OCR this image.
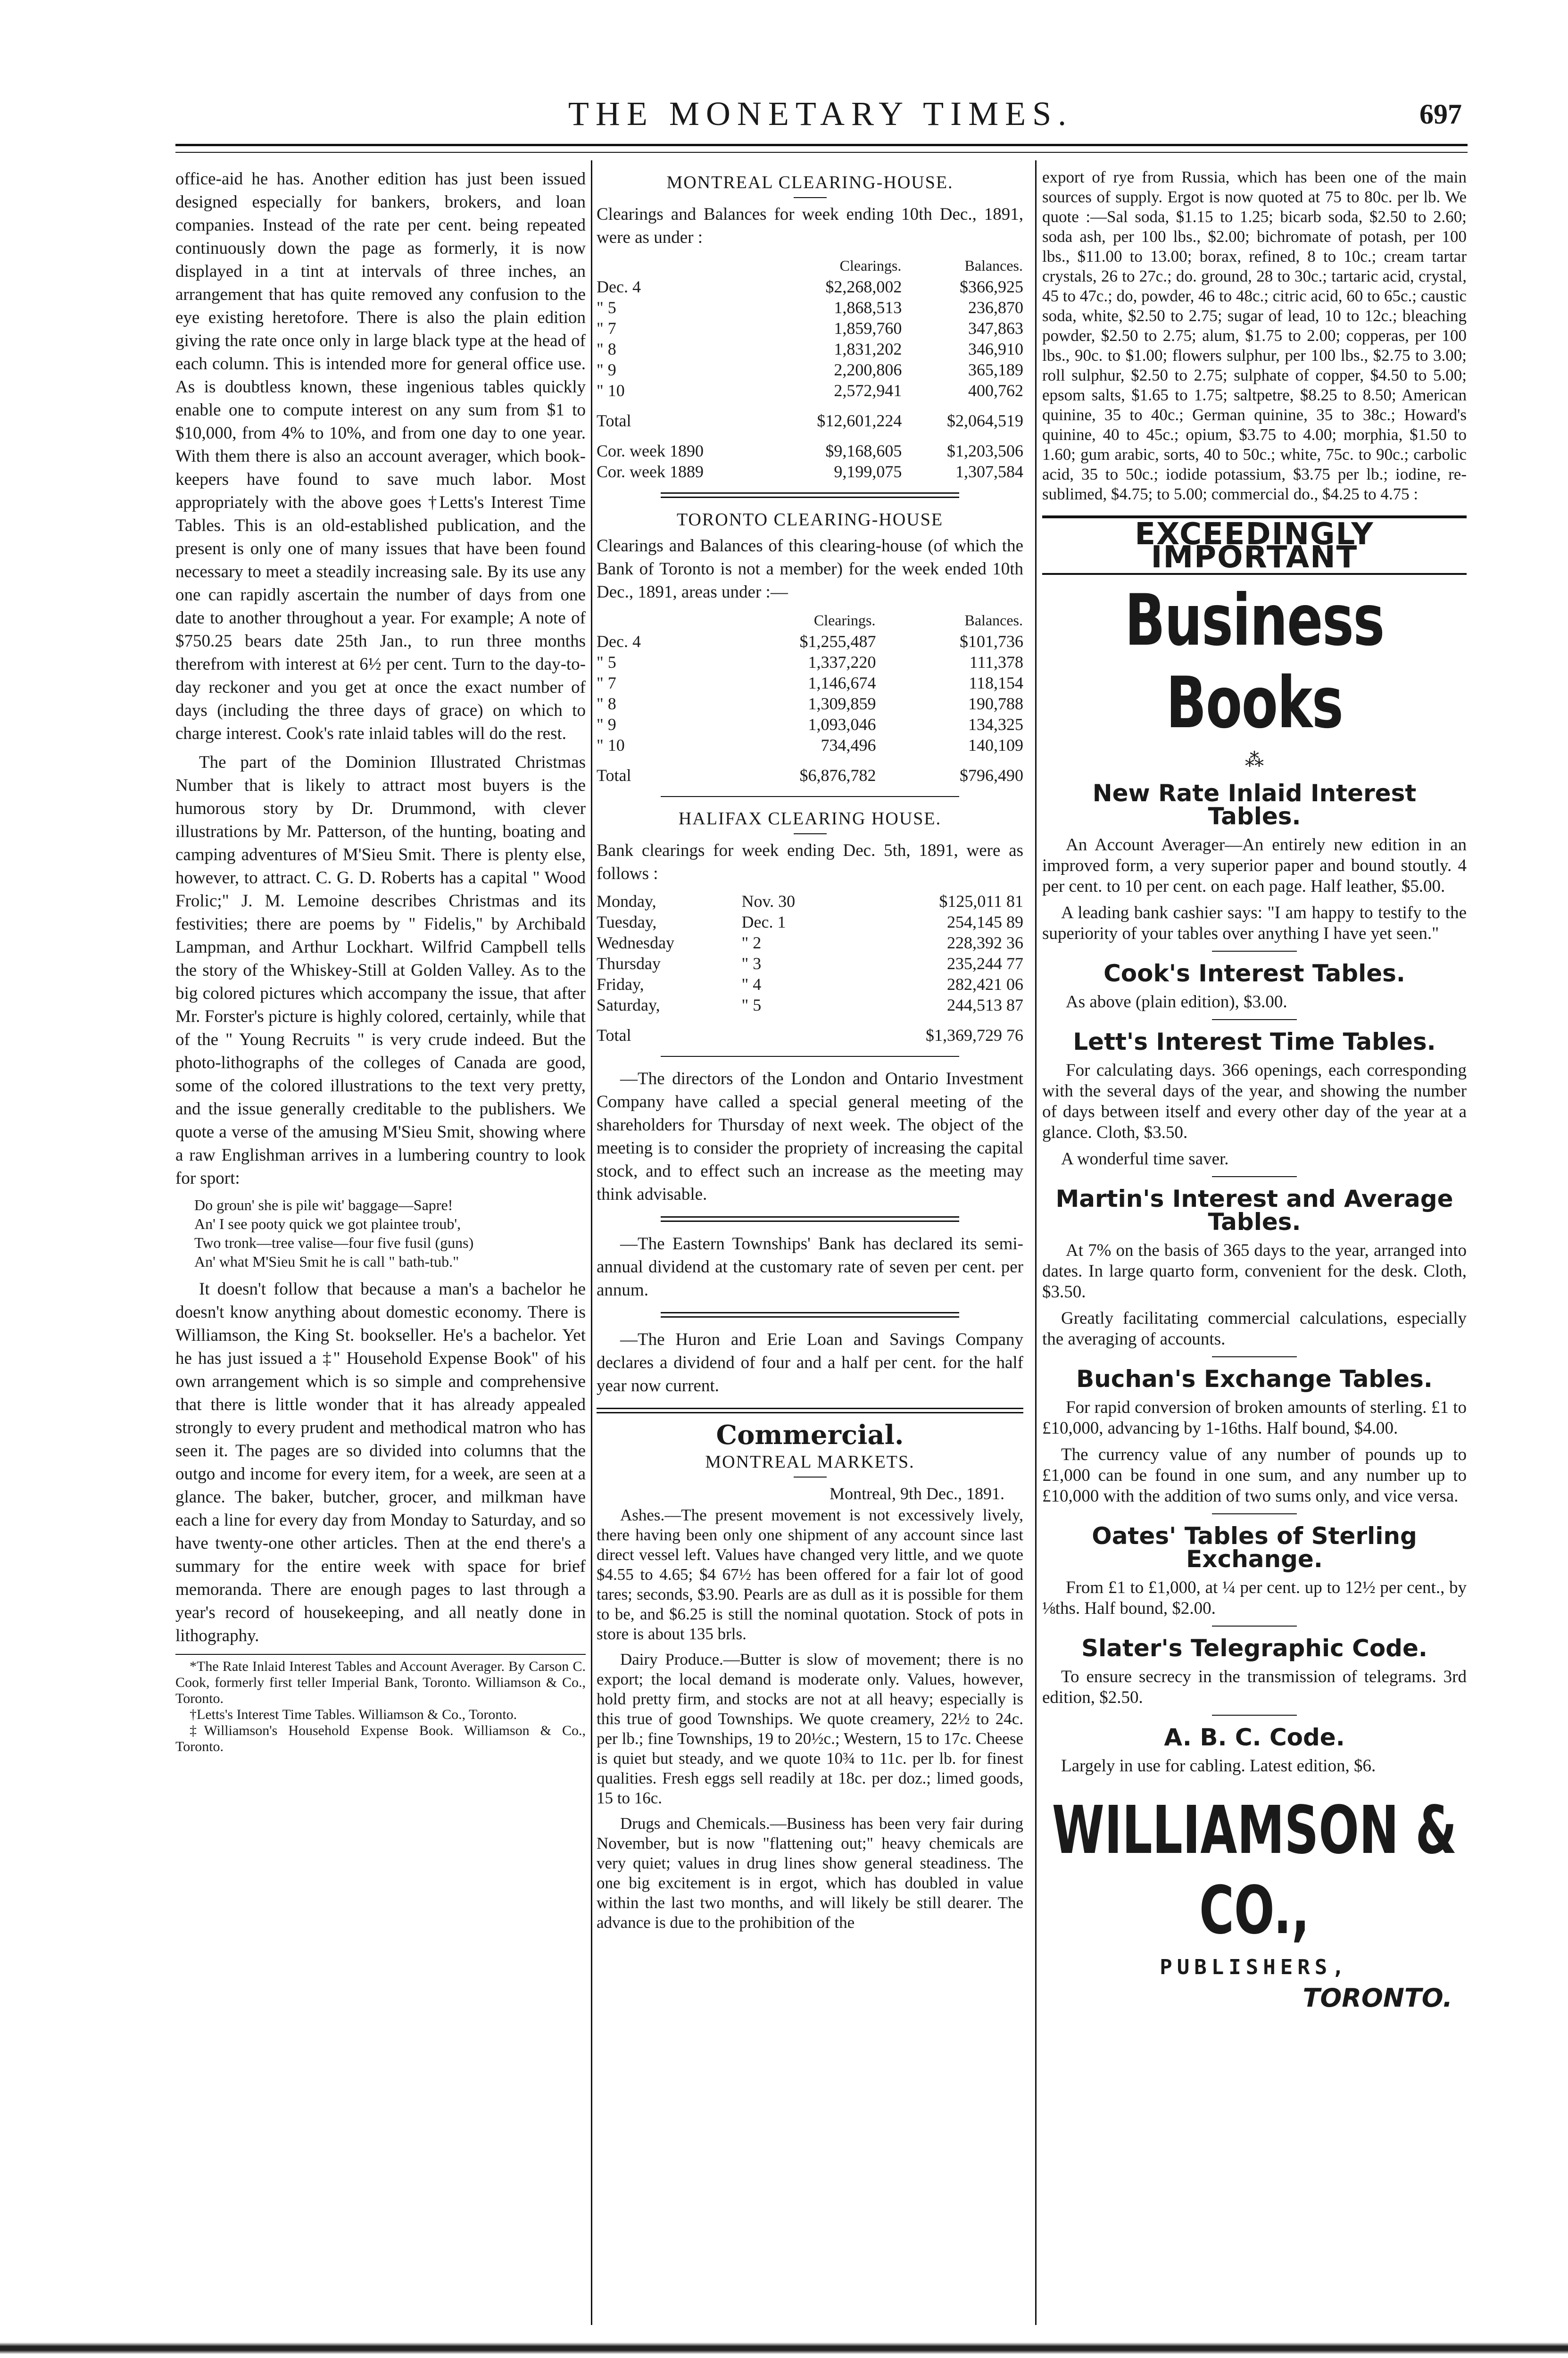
THE MONETARY TIMES.	697

office-aid he has. Another edition has just been issued designed especially for bankers, brokers, and loan companies. Instead of the rate per cent. being repeated continuously down the page as formerly, it is now displayed in a tint at intervals of three inches, an arrangement that has quite removed any confusion to the eye existing heretofore. There is also the plain edition giving the rate once only in large black type at the head of each column. This is intended more for general office use. As is doubtless known, these ingenious tables quickly enable one to compute interest on any sum from $1 to $10,000, from 4% to 10%, and from one day to one year. With them there is also an account averager, which book-keepers have found to save much labor. Most appropriately with the above goes †Letts's Interest Time Tables. This is an old-established publication, and the present is only one of many issues that have been found necessary to meet a steadily increasing sale. By its use any one can rapidly ascertain the number of days from one date to another throughout a year. For example; A note of $750.25 bears date 25th Jan., to run three months therefrom with interest at 6½ per cent. Turn to the day-to-day reckoner and you get at once the exact number of days (including the three days of grace) on which to charge interest. Cook's rate inlaid tables will do the rest.

The part of the Dominion Illustrated Christmas Number that is likely to attract most buyers is the humorous story by Dr. Drummond, with clever illustrations by Mr. Patterson, of the hunting, boating and camping adventures of M'Sieu Smit. There is plenty else, however, to attract. C. G. D. Roberts has a capital " Wood Frolic;" J. M. Lemoine describes Christmas and its festivities; there are poems by " Fidelis," by Archibald Lampman, and Arthur Lockhart. Wilfrid Campbell tells the story of the Whiskey-Still at Golden Valley. As to the big colored pictures which accompany the issue, that after Mr. Forster's picture is highly colored, certainly, while that of the " Young Recruits " is very crude indeed. But the photo-lithographs of the colleges of Canada are good, some of the colored illustrations to the text very pretty, and the issue generally creditable to the publishers. We quote a verse of the amusing M'Sieu Smit, showing where a raw Englishman arrives in a lumbering country to look for sport:

Do groun' she is pile wit' baggage—Sapre!
An' I see pooty quick we got plaintee troub',
Two tronk—tree valise—four five fusil (guns)
An' what M'Sieu Smit he is call " bath-tub."

It doesn't follow that because a man's a bachelor he doesn't know anything about domestic economy. There is Williamson, the King St. bookseller. He's a bachelor. Yet he has just issued a ‡" Household Expense Book" of his own arrangement which is so simple and comprehensive that there is little wonder that it has already appealed strongly to every prudent and methodical matron who has seen it. The pages are so divided into columns that the outgo and income for every item, for a week, are seen at a glance. The baker, butcher, grocer, and milkman have each a line for every day from Monday to Saturday, and so have twenty-one other articles. Then at the end there's a summary for the entire week with space for brief memoranda. There are enough pages to last through a year's record of housekeeping, and all neatly done in lithography.

*The Rate Inlaid Interest Tables and Account Averager. By Carson C. Cook, formerly first teller Imperial Bank, Toronto. Williamson & Co., Toronto.
†Letts's Interest Time Tables. Williamson & Co., Toronto.
‡Williamson's Household Expense Book. Williamson & Co., Toronto.
MONTREAL CLEARING-HOUSE.

Clearings and Balances for week ending 10th Dec., 1891, were as under :

	Clearings.	Balances.
Dec. 4	$2,268,002	$366,925
" 5	1,868,513	236,870
" 7	1,859,760	347,863
" 8	1,831,202	346,910
" 9	2,200,806	365,189
" 10	2,572,941	400,762
Total	$12,601,224	$2,064,519
Cor. week 1890	$9,168,605	$1,203,506
Cor. week 1889	9,199,075	1,307,584
TORONTO CLEARING-HOUSE

Clearings and Balances of this clearing-house (of which the Bank of Toronto is not a member) for the week ended 10th Dec., 1891, areas under :—

	Clearings.	Balances.
Dec. 4	$1,255,487	$101,736
" 5	1,337,220	111,378
" 7	1,146,674	118,154
" 8	1,309,859	190,788
" 9	1,093,046	134,325
" 10	734,496	140,109
Total	$6,876,782	$796,490
HALIFAX CLEARING HOUSE.

Bank clearings for week ending Dec. 5th, 1891, were as follows :

Monday,	Nov. 30	$125,011 81
Tuesday,	Dec. 1	254,145 89
Wednesday	" 2	228,392 36
Thursday	" 3	235,244 77
Friday,	" 4	282,421 06
Saturday,	" 5	244,513 87
Total		$1,369,729 76

—The directors of the London and Ontario Investment Company have called a special general meeting of the shareholders for Thursday of next week. The object of the meeting is to consider the propriety of increasing the capital stock, and to effect such an increase as the meeting may think advisable.

—The Eastern Townships' Bank has declared its semi-annual dividend at the customary rate of seven per cent. per annum.

—The Huron and Erie Loan and Savings Company declares a dividend of four and a half per cent. for the half year now current.

Commercial.
MONTREAL MARKETS.
Montreal, 9th Dec., 1891.

Ashes.—The present movement is not excessively lively, there having been only one shipment of any account since last direct vessel left. Values have changed very little, and we quote $4.55 to 4.65; $4 67½ has been offered for a fair lot of good tares; seconds, $3.90. Pearls are as dull as it is possible for them to be, and $6.25 is still the nominal quotation. Stock of pots in store is about 135 brls.

Dairy Produce.—Butter is slow of movement; there is no export; the local demand is moderate only. Values, however, hold pretty firm, and stocks are not at all heavy; especially is this true of good Townships. We quote creamery, 22½ to 24c. per lb.; fine Townships, 19 to 20½c.; Western, 15 to 17c. Cheese is quiet but steady, and we quote 10¾ to 11c. per lb. for finest qualities. Fresh eggs sell readily at 18c. per doz.; limed goods, 15 to 16c.

Drugs and Chemicals.—Business has been very fair during November, but is now "flattening out;" heavy chemicals are very quiet; values in drug lines show general steadiness. The one big excitement is in ergot, which has doubled in value within the last two months, and will likely be still dearer. The advance is due to the prohibition of the

export of rye from Russia, which has been one of the main sources of supply. Ergot is now quoted at 75 to 80c. per lb. We quote :—Sal soda, $1.15 to 1.25; bicarb soda, $2.50 to 2.60; soda ash, per 100 lbs., $2.00; bichromate of potash, per 100 lbs., $11.00 to 13.00; borax, refined, 8 to 10c.; cream tartar crystals, 26 to 27c.; do. ground, 28 to 30c.; tartaric acid, crystal, 45 to 47c.; do, powder, 46 to 48c.; citric acid, 60 to 65c.; caustic soda, white, $2.50 to 2.75; sugar of lead, 10 to 12c.; bleaching powder, $2.50 to 2.75; alum, $1.75 to 2.00; copperas, per 100 lbs., 90c. to $1.00; flowers sulphur, per 100 lbs., $2.75 to 3.00; roll sulphur, $2.50 to 2.75; sulphate of copper, $4.50 to 5.00; epsom salts, $1.65 to 1.75; saltpetre, $8.25 to 8.50; American quinine, 35 to 40c.; German quinine, 35 to 38c.; Howard's quinine, 40 to 45c.; opium, $3.75 to 4.00; morphia, $1.50 to 1.60; gum arabic, sorts, 40 to 50c.; white, 75c. to 90c.; carbolic acid, 35 to 50c.; iodide potassium, $3.75 per lb.; iodine, re-sublimed, $4.75; to 5.00; commercial do., $4.25 to 4.75 :

EXCEEDINGLY IMPORTANT
Business Books
⁂
New Rate Inlaid Interest Tables.

An Account Averager—An entirely new edition in an improved form, a very superior paper and bound stoutly. 4 per cent. to 10 per cent. on each page. Half leather, $5.00.

A leading bank cashier says: "I am happy to testify to the superiority of your tables over anything I have yet seen."

Cook's Interest Tables.

As above (plain edition), $3.00.

Lett's Interest Time Tables.

For calculating days. 366 openings, each corresponding with the several days of the year, and showing the number of days between itself and every other day of the year at a glance. Cloth, $3.50.

A wonderful time saver.

Martin's Interest and Average Tables.

At 7% on the basis of 365 days to the year, arranged into dates. In large quarto form, convenient for the desk. Cloth, $3.50.

Greatly facilitating commercial calculations, especially the averaging of accounts.

Buchan's Exchange Tables.

For rapid conversion of broken amounts of sterling. £1 to £10,000, advancing by 1-16ths. Half bound, $4.00.

The currency value of any number of pounds up to £1,000 can be found in one sum, and any number up to £10,000 with the addition of two sums only, and vice versa.

Oates' Tables of Sterling Exchange.

From £1 to £1,000, at ¼ per cent. up to 12½ per cent., by ⅛ths. Half bound, $2.00.

Slater's Telegraphic Code.

To ensure secrecy in the transmission of telegrams. 3rd edition, $2.50.

A. B. C. Code.

Largely in use for cabling. Latest edition, $6.

WILLIAMSON & CO.,
PUBLISHERS,
TORONTO.
